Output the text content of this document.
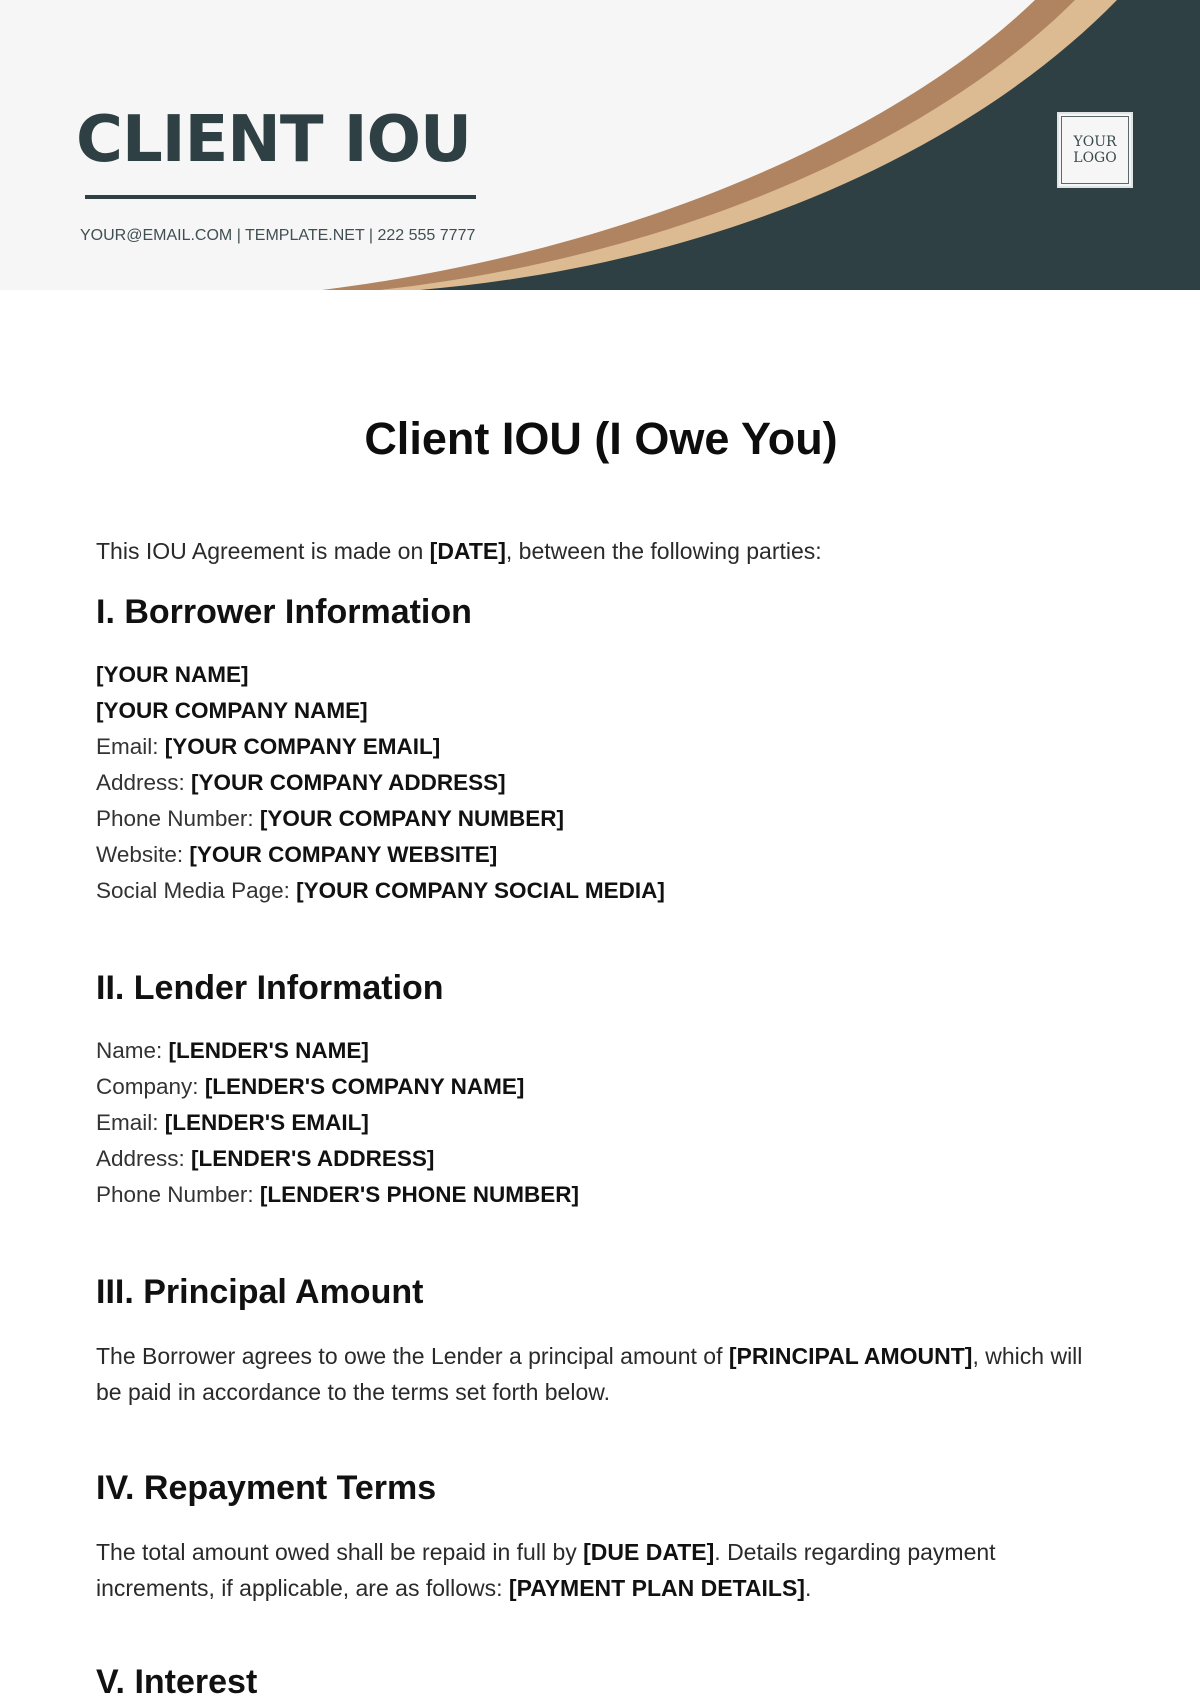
CLIENT IOU
YOUR@EMAIL.COM | TEMPLATE.NET | 222 555 7777
YOUR
LOGO
Client IOU (I Owe You)

This IOU Agreement is made on [DATE], between the following parties:

I. Borrower Information
[YOUR NAME]
[YOUR COMPANY NAME]
Email: [YOUR COMPANY EMAIL]
Address: [YOUR COMPANY ADDRESS]
Phone Number: [YOUR COMPANY NUMBER]
Website: [YOUR COMPANY WEBSITE]
Social Media Page: [YOUR COMPANY SOCIAL MEDIA]
II. Lender Information
Name: [LENDER'S NAME]
Company: [LENDER'S COMPANY NAME]
Email: [LENDER'S EMAIL]
Address: [LENDER'S ADDRESS]
Phone Number: [LENDER'S PHONE NUMBER]
III. Principal Amount

The Borrower agrees to owe the Lender a principal amount of [PRINCIPAL AMOUNT], which will be paid in accordance to the terms set forth below.

IV. Repayment Terms

The total amount owed shall be repaid in full by [DUE DATE]. Details regarding payment increments, if applicable, are as follows: [PAYMENT PLAN DETAILS].

V. Interest
